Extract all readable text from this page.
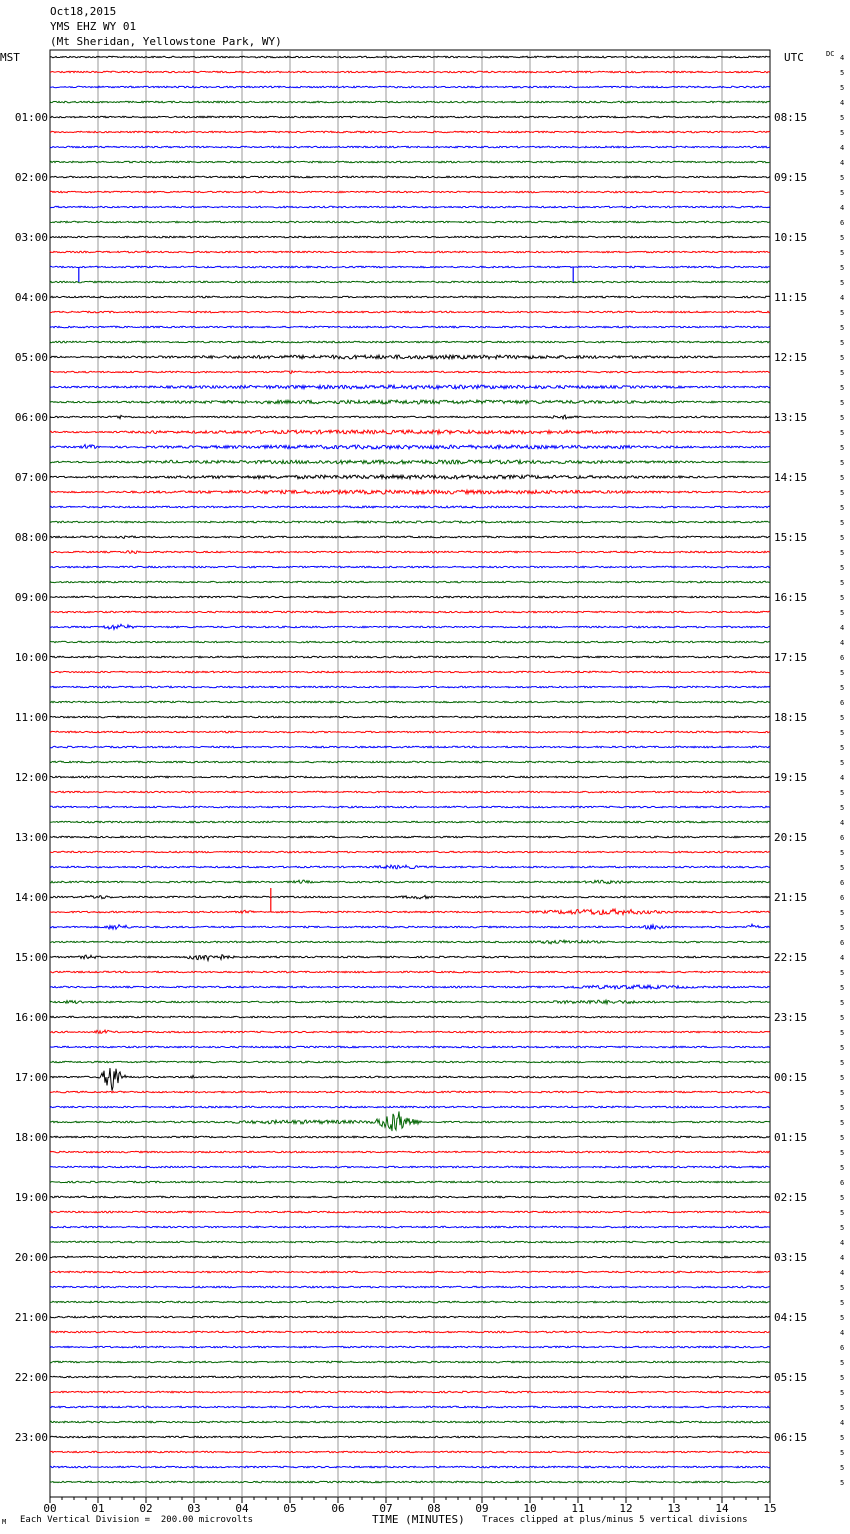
Oct18,2015
YMS EHZ WY 01
(Mt Sheridan, Yellowstone Park, WY)
MST	UTC	DC 4
5
5
4
5
5
4
4
5
5
4
6
5
5
5
5
4
5
5
5
5
5
5
5
5
5
5
5
5
5
5
5
5
5
5
5
5
5
4
4
6
5
5
6
5
5
5
5
4
5
5
4
6
5
5
6
6
5
5
6
4
5
5
5
5
5
5
5
5
5
5
5
5
5
5
6
5
5
5
4
4
4
5
5
5
4
6
5
5
5
5
4
5
5
5
5
01:00	08:15
02:00	09:15
03:00	10:15
04:00	11:15
05:00	12:15
06:00	13:15
07:00	14:15
08:00	15:15
09:00	16:15
10:00	17:15
11:00	18:15
12:00	19:15
13:00	20:15
14:00	21:15
15:00	22:15
16:00	23:15
17:00	00:15
18:00	01:15
19:00	02:15
20:00	03:15
21:00	04:15
22:00	05:15
23:00	06:15
00	01	02	03	04	05	06	07	08	09	10	11	12	13	14	15
TIME (MINUTES)
M Each Vertical Division =  200.00 microvolts	Traces clipped at plus/minus 5 vertical divisions
